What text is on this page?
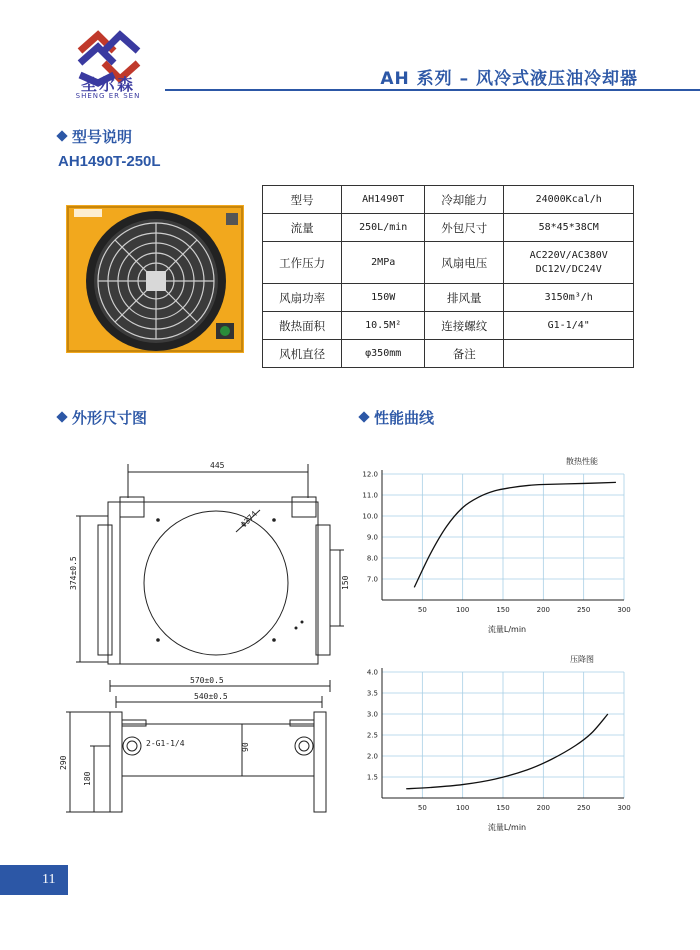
圣尔森
SHENG ER SEN
AH 系列 – 风冷式液压油冷却器
型号说明
AH1490T-250L
型号	AH1490T	冷却能力	24000Kcal/h
流量	250L/min	外包尺寸	58*45*38CM
工作压力	2MPa	风扇电压	AC220V/AC380V
DC12V/DC24V

风扇功率	150W	排风量	3150m³/h
散热面积	10.5M²	连接螺纹	G1-1/4"
风机直径	φ350mm	备注	
外形尺寸图	性能曲线
445
374±0.5	150
Φ374
570±0.5
540±0.5
290
180
90
2-G1-1/4
50	100	150	200	250	300
7.0
8.0
9.0
10.0
11.0
12.0
散热性能
流量L/min
50	100	150	200	250	300
1.5
2.0
2.5
3.0
3.5
4.0
压降图
流量L/min
11
